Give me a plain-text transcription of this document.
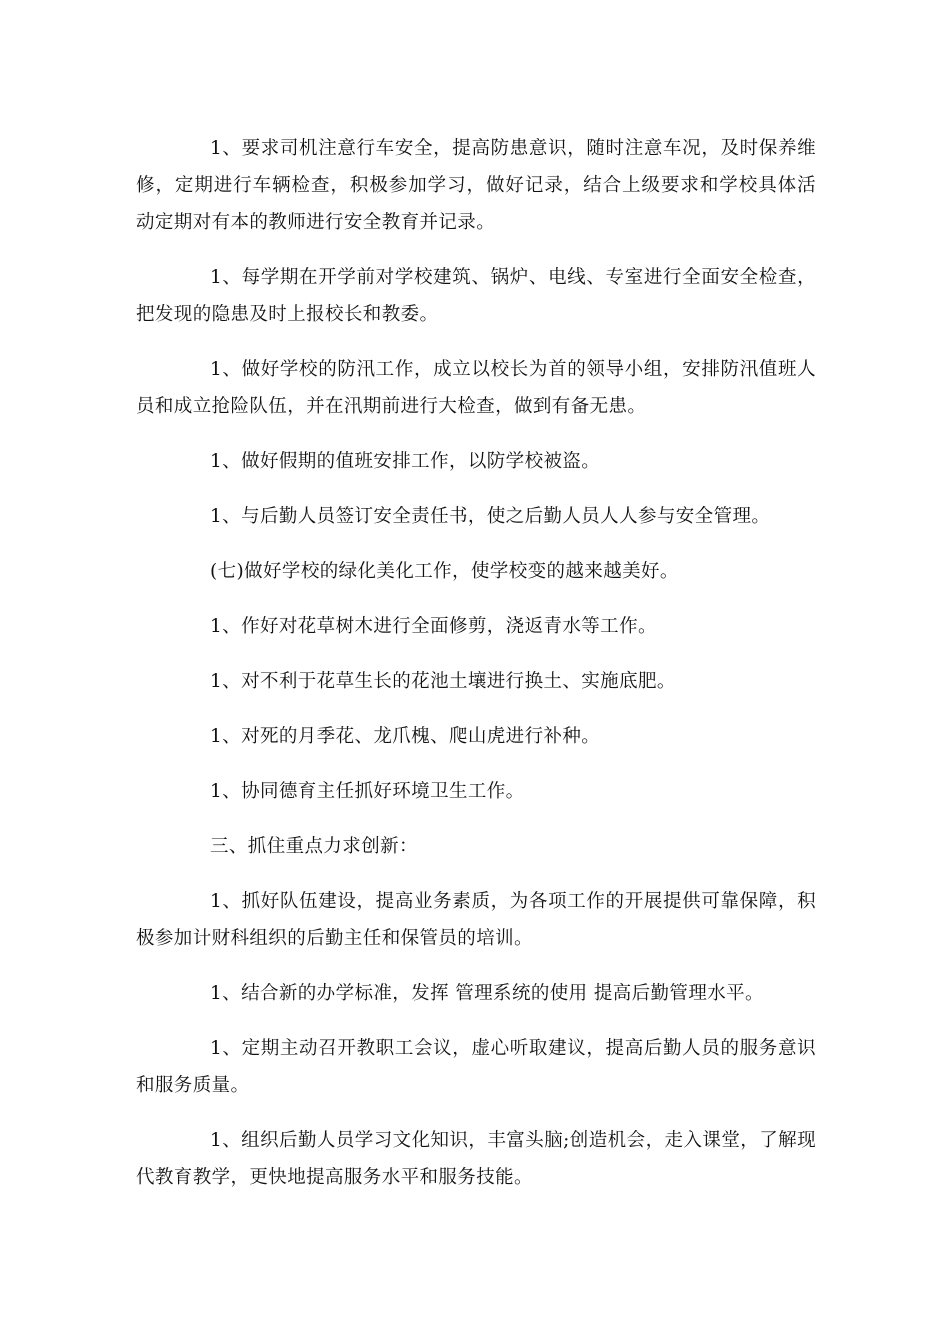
1、要求司机注意行车安全，提高防患意识，随时注意车况，及时保养维修，定期进行车辆检查，积极参加学习，做好记录，结合上级要求和学校具体活动定期对有本的教师进行安全教育并记录。

1、每学期在开学前对学校建筑、锅炉、电线、专室进行全面安全检查，把发现的隐患及时上报校长和教委。

1、做好学校的防汛工作，成立以校长为首的领导小组，安排防汛值班人员和成立抢险队伍，并在汛期前进行大检查，做到有备无患。

1、做好假期的值班安排工作，以防学校被盗。

1、与后勤人员签订安全责任书，使之后勤人员人人参与安全管理。

(七)做好学校的绿化美化工作，使学校变的越来越美好。

1、作好对花草树木进行全面修剪，浇返青水等工作。

1、对不利于花草生长的花池土壤进行换土、实施底肥。

1、对死的月季花、龙爪槐、爬山虎进行补种。

1、协同德育主任抓好环境卫生工作。

三、抓住重点力求创新：

1、抓好队伍建设，提高业务素质，为各项工作的开展提供可靠保障，积极参加计财科组织的后勤主任和保管员的培训。

1、结合新的办学标准，发挥 管理系统的使用 提高后勤管理水平。

1、定期主动召开教职工会议，虚心听取建议，提高后勤人员的服务意识和服务质量。

1、组织后勤人员学习文化知识，丰富头脑;创造机会，走入课堂，了解现代教育教学，更快地提高服务水平和服务技能。
